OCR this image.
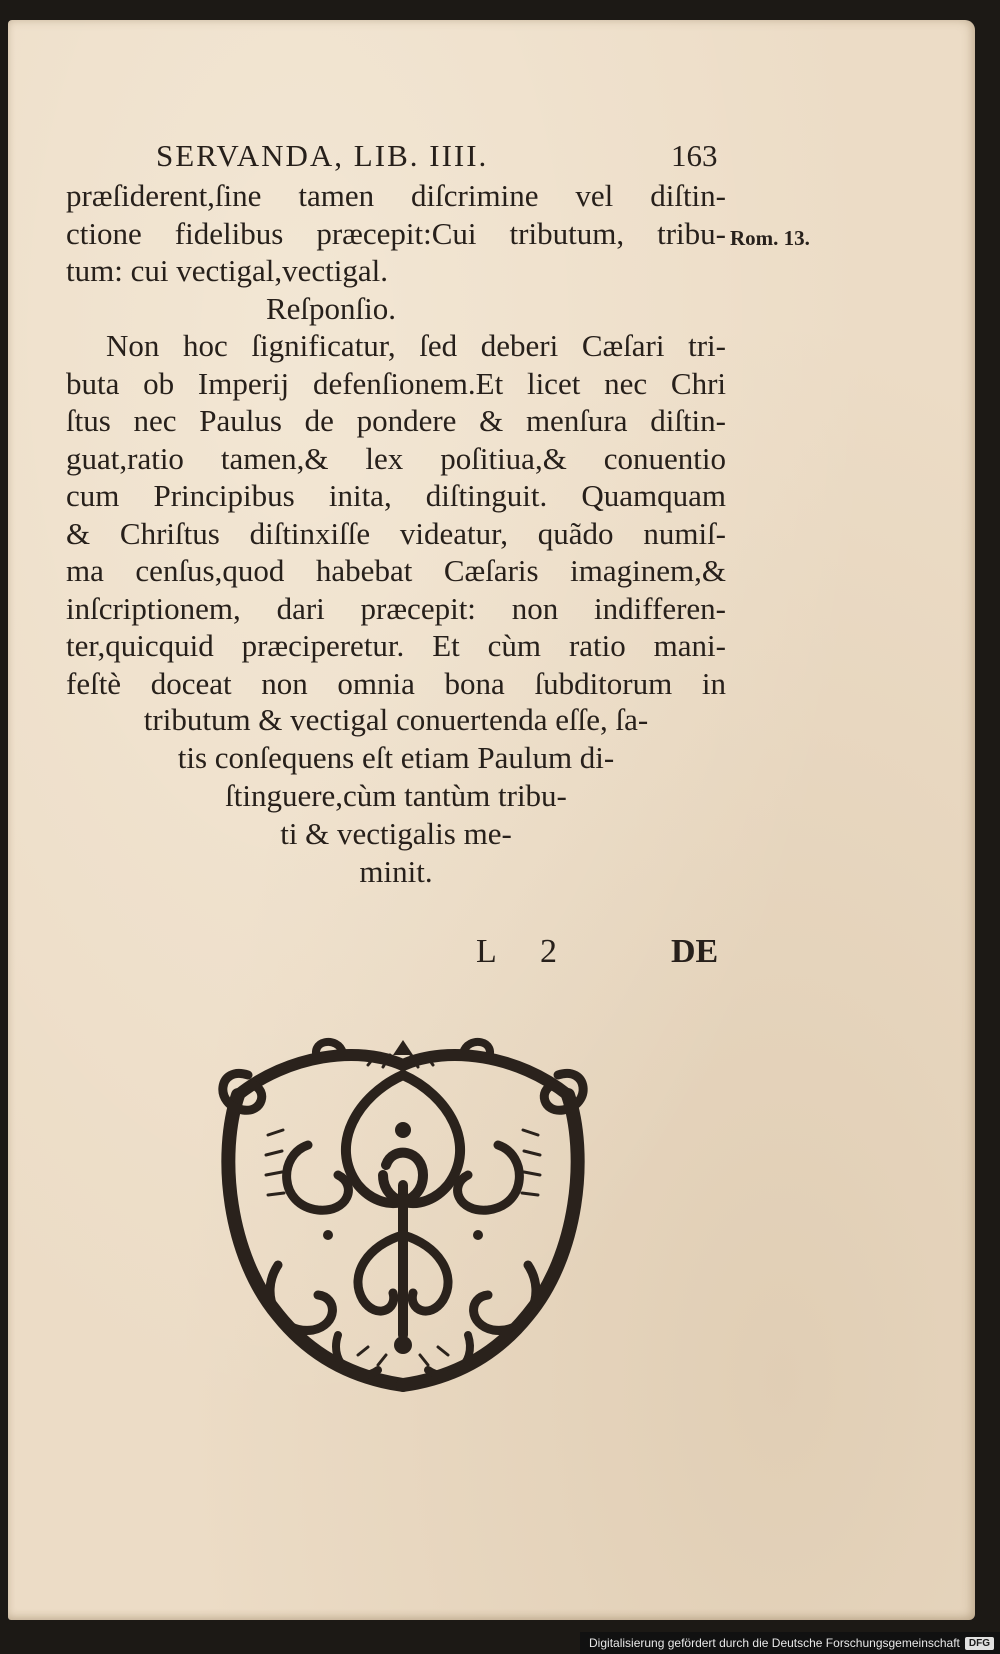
SERVANDA, LIB. IIII.	163
Rom. 13.
præſiderent,ſine tamen diſcrimine vel diſtin-
ctione fidelibus præcepit:Cui tributum, tribu-
tum: cui vectigal,vectigal.
Reſponſio.
Non hoc ſignificatur, ſed deberi Cæſari tri-
buta ob Imperij defenſionem.Et licet nec Chri
ſtus nec Paulus de pondere & menſura diſtin-
guat,ratio tamen,& lex poſitiua,& conuentio
cum Principibus inita, diſtinguit. Quamquam
& Chriſtus diſtinxiſſe videatur, quãdo numiſ-
ma cenſus,quod habebat Cæſaris imaginem,&
inſcriptionem, dari præcepit: non indifferen-
ter,quicquid præciperetur. Et cùm ratio mani-
feſtè doceat non omnia bona ſubditorum in
tributum & vectigal conuertenda eſſe, ſa-
tis conſequens eſt etiam Paulum di-
ſtinguere,cùm tantùm tribu-
ti & vectigalis me-
minit.
L 2	DE
Digitalisierung gefördert durch die Deutsche Forschungsgemeinschaft DFG
